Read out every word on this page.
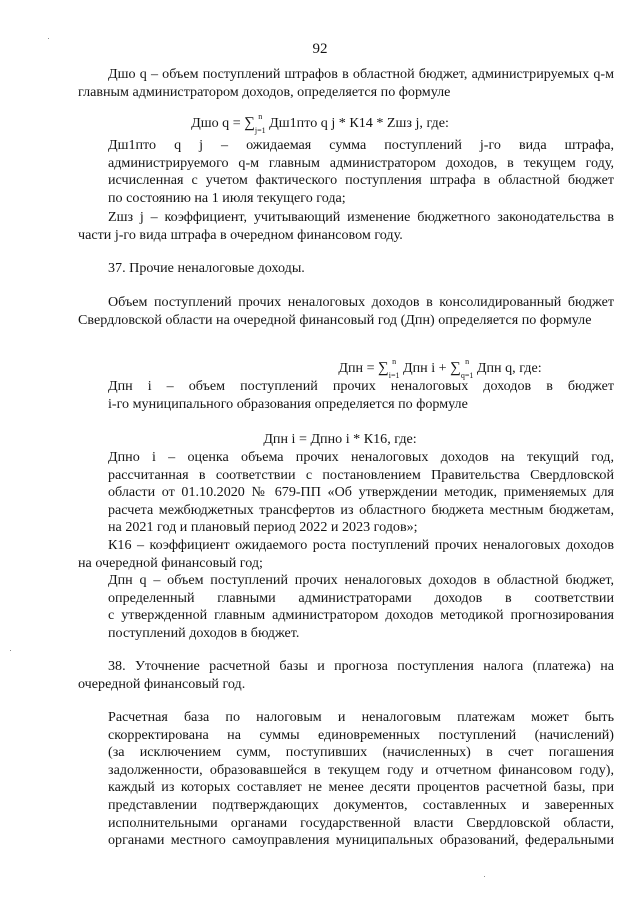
92
Дшо q – объем поступлений штрафов в областной бюджет, администрируемых q-м главным администратором доходов, определяется по формуле
Дшо q = ∑ n
j=1 Дш1пто q j * К14 * Zшз j, где:
Дш1пто q j – ожидаемая сумма поступлений j-го вида штрафа,
администрируемого q-м главным администратором доходов, в текущем году,
исчисленная с учетом фактического поступления штрафа в областной бюджет
по состоянию на 1 июля текущего года;
Zшз j – коэффициент, учитывающий изменение бюджетного законодательства в части j-го вида штрафа в очередном финансовом году.
37. Прочие неналоговые доходы.
Объем поступлений прочих неналоговых доходов в консолидированный бюджет Свердловской области на очередной финансовый год (Дпн) определяется по формуле
Дпн = ∑ n
i=1 Дпн i + ∑ n
q=1 Дпн q, где:
Дпн i – объем поступлений прочих неналоговых доходов в бюджет
i-го муниципального образования определяется по формуле
Дпн i = Дпно i * К16, где:
Дпно i – оценка объема прочих неналоговых доходов на текущий год,
рассчитанная в соответствии с постановлением Правительства Свердловской
области от 01.10.2020 № 679-ПП «Об утверждении методик, применяемых для
расчета межбюджетных трансфертов из областного бюджета местным бюджетам,
на 2021 год и плановый период 2022 и 2023 годов»;
К16 – коэффициент ожидаемого роста поступлений прочих неналоговых доходов на очередной финансовый год;
Дпн q – объем поступлений прочих неналоговых доходов в областной бюджет,
определенный главными администраторами доходов в соответствии
с утвержденной главным администратором доходов методикой прогнозирования
поступлений доходов в бюджет.
38. Уточнение расчетной базы и прогноза поступления налога (платежа) на очередной финансовый год.
Расчетная база по налоговым и неналоговым платежам может быть
скорректирована на суммы единовременных поступлений (начислений)
(за исключением сумм, поступивших (начисленных) в счет погашения
задолженности, образовавшейся в текущем году и отчетном финансовом году),
каждый из которых составляет не менее десяти процентов расчетной базы, при
представлении подтверждающих документов, составленных и заверенных
исполнительными органами государственной власти Свердловской области,
органами местного самоуправления муниципальных образований, федеральными
